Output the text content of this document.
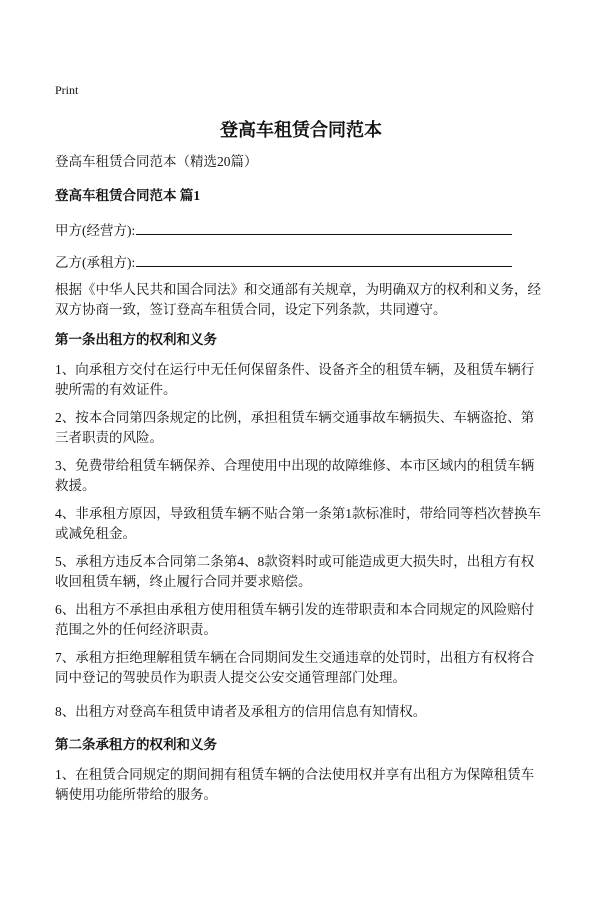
Print
登高车租赁合同范本

登高车租赁合同范本（精选20篇）

登高车租赁合同范本 篇1

甲方(经营方):
乙方(承租方):

根据《中华人民共和国合同法》和交通部有关规章，为明确双方的权利和义务，经双方协商一致，签订登高车租赁合同，设定下列条款，共同遵守。

第一条出租方的权利和义务

1、向承租方交付在运行中无任何保留条件、设备齐全的租赁车辆，及租赁车辆行驶所需的有效证件。

2、按本合同第四条规定的比例，承担租赁车辆交通事故车辆损失、车辆盗抢、第三者职责的风险。

3、免费带给租赁车辆保养、合理使用中出现的故障维修、本市区域内的租赁车辆救援。

4、非承租方原因，导致租赁车辆不贴合第一条第1款标准时，带给同等档次替换车或减免租金。

5、承租方违反本合同第二条第4、8款资料时或可能造成更大损失时，出租方有权收回租赁车辆，终止履行合同并要求赔偿。

6、出租方不承担由承租方使用租赁车辆引发的连带职责和本合同规定的风险赔付范围之外的任何经济职责。

7、承租方拒绝理解租赁车辆在合同期间发生交通违章的处罚时，出租方有权将合同中登记的驾驶员作为职责人提交公安交通管理部门处理。

8、出租方对登高车租赁申请者及承租方的信用信息有知情权。

第二条承租方的权利和义务

1、在租赁合同规定的期间拥有租赁车辆的合法使用权并享有出租方为保障租赁车辆使用功能所带给的服务。
